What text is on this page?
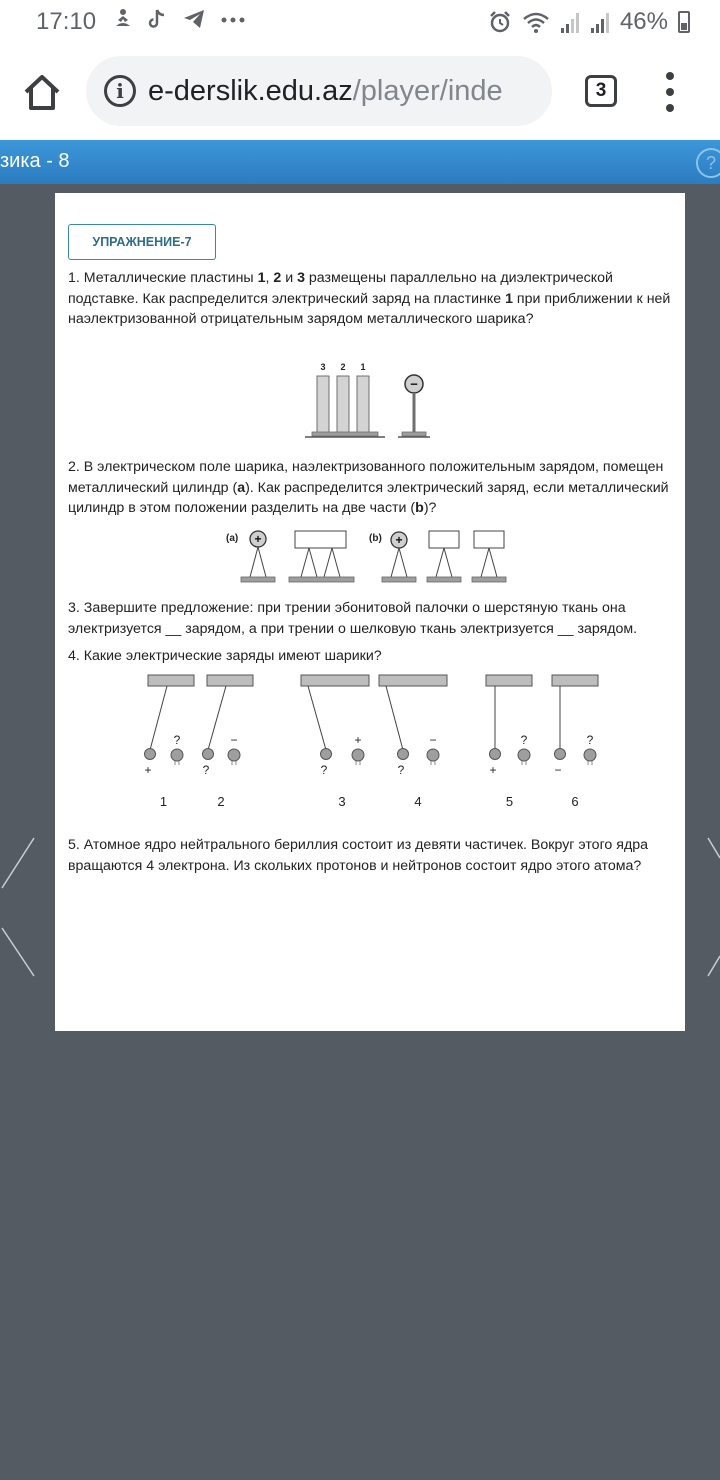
17:10	46%
i e-derslik.edu.az /player/inde	3
зика - 8	?
УПРАЖНЕНИЕ-7

1. Металлические пластины 1, 2 и 3 размещены параллельно на диэлектрической подставке. Как распределится электрический заряд на пластинке 1 при приближении к ней наэлектризованной отрицательным зарядом металлического шарика?

3 2 1
−

2. В электрическом поле шарика, наэлектризованного положительным зарядом, помещен металлический цилиндр (a). Как распределится электрический заряд, если металлический цилиндр в этом положении разделить на две части (b)?

(a) +	(b) +

3. Завершите предложение: при трении эбонитовой палочки о шерстяную ткань она электризуется __ зарядом, а при трении о шелковую ткань электризуется __ зарядом.

4. Какие электрические заряды имеют шарики?

+
?
1
?
−
2
?
+
3
?
−
4
+
?
5
−
?
6

5. Атомное ядро нейтрального бериллия состоит из девяти частичек. Вокруг этого ядра вращаются 4 электрона. Из скольких протонов и нейтронов состоит ядро этого атома?
